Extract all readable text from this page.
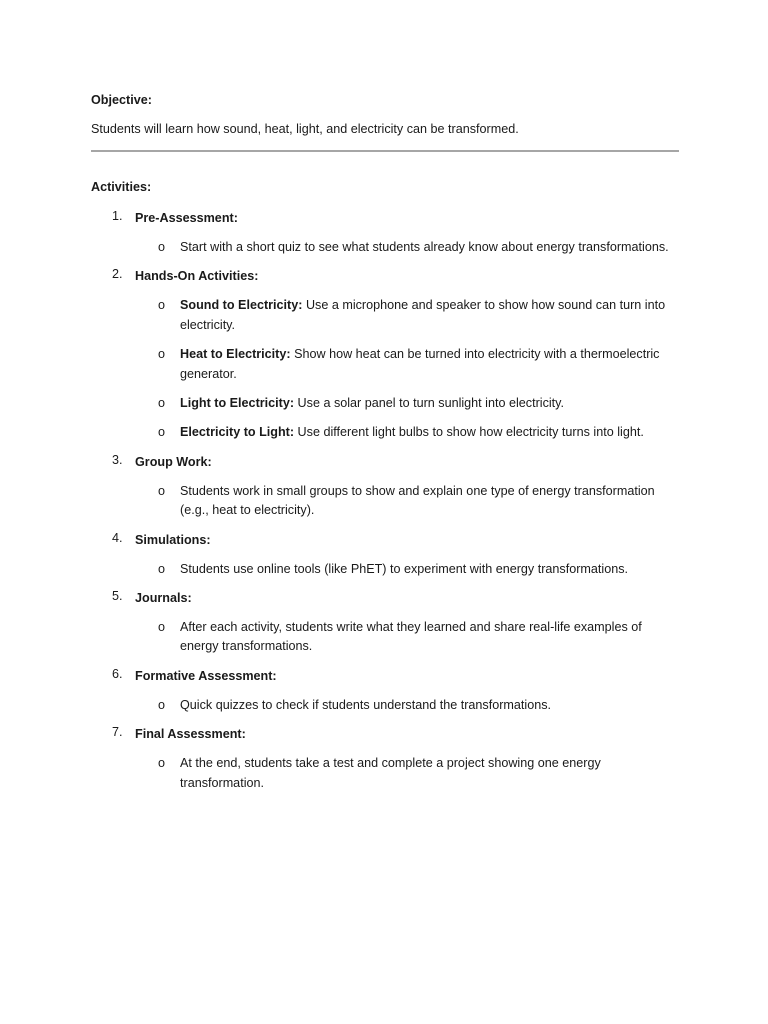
Objective:

Students will learn how sound, heat, light, and electricity can be transformed.

Activities:

1. Pre-Assessment:
o Start with a short quiz to see what students already know about energy transformations.
2. Hands-On Activities:
o Sound to Electricity: Use a microphone and speaker to show how sound can turn into electricity.
o Heat to Electricity: Show how heat can be turned into electricity with a thermoelectric generator.
o Light to Electricity: Use a solar panel to turn sunlight into electricity.
o Electricity to Light: Use different light bulbs to show how electricity turns into light.
3. Group Work:
o Students work in small groups to show and explain one type of energy transformation (e.g., heat to electricity).
4. Simulations:
o Students use online tools (like PhET) to experiment with energy transformations.
5. Journals:
o After each activity, students write what they learned and share real-life examples of energy transformations.
6. Formative Assessment:
o Quick quizzes to check if students understand the transformations.
7. Final Assessment:
o At the end, students take a test and complete a project showing one energy transformation.
